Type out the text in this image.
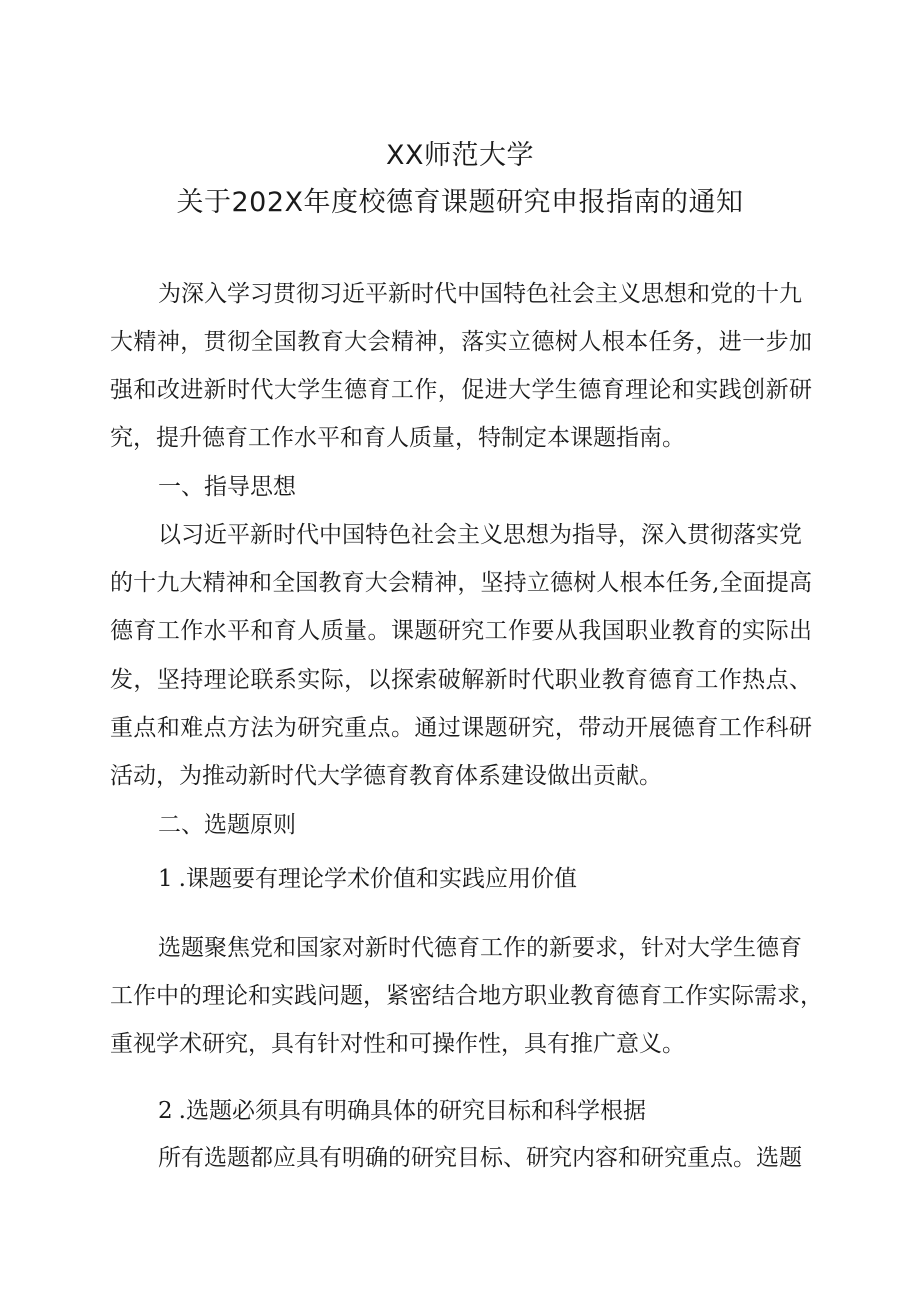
XX师范大学
关于202X年度校德育课题研究申报指南的通知
为深入学习贯彻习近平新时代中国特色社会主义思想和党的十九
大精神，贯彻全国教育大会精神，落实立德树人根本任务，进一步加
强和改进新时代大学生德育工作，促进大学生德育理论和实践创新研
究，提升德育工作水平和育人质量，特制定本课题指南。
一、指导思想
以习近平新时代中国特色社会主义思想为指导，深入贯彻落实党
的十九大精神和全国教育大会精神，坚持立德树人根本任务,全面提高
德育工作水平和育人质量。课题研究工作要从我国职业教育的实际出
发，坚持理论联系实际，以探索破解新时代职业教育德育工作热点、
重点和难点方法为研究重点。通过课题研究，带动开展德育工作科研
活动，为推动新时代大学德育教育体系建设做出贡献。
二、选题原则
1 .课题要有理论学术价值和实践应用价值
选题聚焦党和国家对新时代德育工作的新要求，针对大学生德育
工作中的理论和实践问题，紧密结合地方职业教育德育工作实际需求，
重视学术研究，具有针对性和可操作性，具有推广意义。
2 .选题必须具有明确具体的研究目标和科学根据
所有选题都应具有明确的研究目标、研究内容和研究重点。选题
